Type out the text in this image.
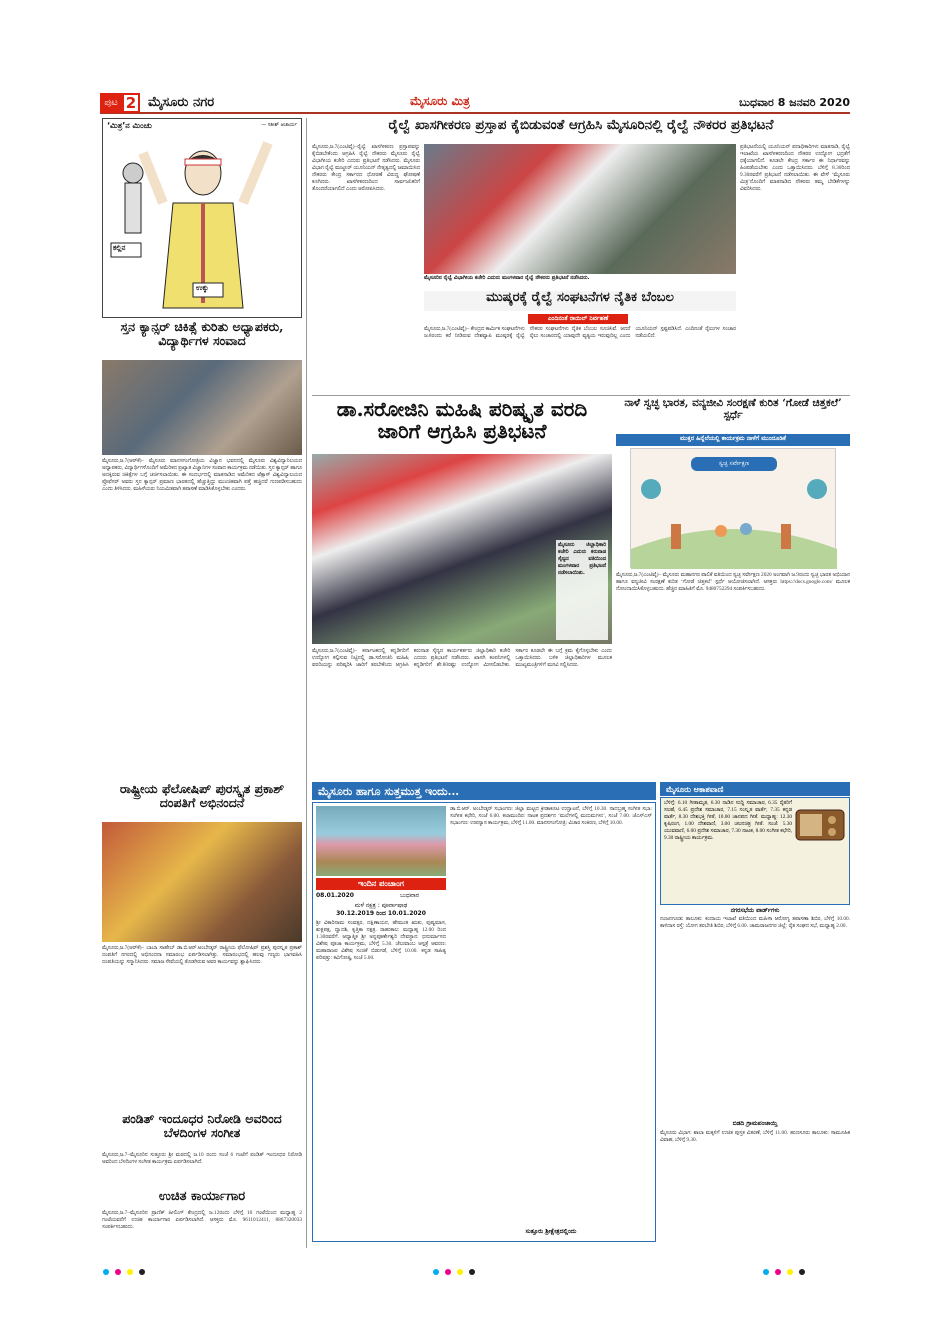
ಪುಟ 2 ಮೈಸೂರು ನಗರ	ಮೈಸೂರು ಮಿತ್ರ	ಬುಧವಾರ 8 ಜನವರಿ 2020
‘ಮಿತ್ರ’ನ ಮಿಂಚು	— ಸತೀಶ್ ಆಚಾರ್ಯ
ಕಲ್ಲಿನ
ಉಕ್ಕು
ಸ್ತನ ಕ್ಯಾನ್ಸರ್ ಚಿಕಿತ್ಸೆ ಕುರಿತು ಅಧ್ಯಾಪಕರು, ವಿದ್ಯಾರ್ಥಿಗಳ ಸಂವಾದ
ಮೈಸೂರು,ಜ.7(ಆರ್‌ಕೆ)– ಮೈಸೂರು ಮಾನಸಗಂಗೋತ್ರಿಯ ವಿಜ್ಞಾನ ಭವನದಲ್ಲಿ ಮೈಸೂರು ವಿಶ್ವವಿದ್ಯಾನಿಲಯದ ಅಧ್ಯಾಪಕರು, ವಿದ್ಯಾರ್ಥಿಗಳೊಂದಿಗೆ ಅಮೆರಿಕದ ಪ್ರಖ್ಯಾತ ವಿಜ್ಞಾನಿಗಳ ಸಂವಾದ ಕಾರ್ಯಕ್ರಮ ನಡೆಯಿತು. ಸ್ತನ ಕ್ಯಾನ್ಸರ್ ಹಾಗೂ ಅದಕ್ಕಿರುವ ಚಿಕಿತ್ಸೆಗಳ ಬಗ್ಗೆ ಚರ್ಚಿಸಲಾಯಿತು. ಈ ಸಂದರ್ಭದಲ್ಲಿ ಮಾತನಾಡಿದ ಅಮೆರಿಕದ ಟೆಕ್ಸಾಸ್ ವಿಶ್ವವಿದ್ಯಾಲಯದ ಪ್ರೊಫೆಸರ್ ಅವರು ಸ್ತನ ಕ್ಯಾನ್ಸರ್ ಪ್ರಮಾಣ ಭಾರತದಲ್ಲಿ ಹೆಚ್ಚುತ್ತಿದ್ದು ಮುಂಚಿತವಾಗಿ ಪತ್ತೆ ಹಚ್ಚಿದರೆ ಗುಣಪಡಿಸಬಹುದು ಎಂದು ತಿಳಿಸಿದರು. ಮಹಿಳೆಯರು ನಿಯಮಿತವಾಗಿ ತಪಾಸಣೆ ಮಾಡಿಸಿಕೊಳ್ಳಬೇಕು ಎಂದರು.
ರಾಷ್ಟ್ರೀಯ ಫೆಲೋಷಿಪ್ ಪುರಸ್ಕೃತ ಪ್ರಕಾಶ್ ದಂಪತಿಗೆ ಅಭಿನಂದನೆ
ಮೈಸೂರು,ಜ.7(ಆರ್‌ಕೆ)– ಬಾಬಾ ಸಾಹೇಬ್ ಡಾ.ಬಿ.ಆರ್.ಅಂಬೇಡ್ಕರ್ ರಾಷ್ಟ್ರೀಯ ಫೆಲೋಷಿಪ್ ಪ್ರಶಸ್ತಿ ಪುರಸ್ಕೃತ ಪ್ರಕಾಶ್ ದಂಪತಿಗೆ ನಗರದಲ್ಲಿ ಅಭಿನಂದನಾ ಸಮಾರಂಭ ಏರ್ಪಡಿಸಲಾಗಿತ್ತು. ಸಮಾರಂಭದಲ್ಲಿ ಹಲವು ಗಣ್ಯರು ಭಾಗವಹಿಸಿ ದಂಪತಿಯನ್ನು ಸನ್ಮಾನಿಸಿದರು. ಸಮಾಜ ಸೇವೆಯಲ್ಲಿ ತೊಡಗಿರುವ ಅವರ ಕಾರ್ಯವನ್ನು ಶ್ಲಾಘಿಸಿದರು.
ಪಂಡಿತ್ ಇಂದೂಧರ ನಿರೋಡಿ ಅವರಿಂದ ಬೆಳದಿಂಗಳ ಸಂಗೀತ
ಮೈಸೂರು,ಜ.7–ಮೈಸೂರಿನ ಸುತ್ತೂರು ಶ್ರೀ ಮಠದಲ್ಲಿ ಜ.10 ರಂದು ಸಂಜೆ 6 ಗಂಟೆಗೆ ಪಂಡಿತ್ ಇಂದೂಧರ ನಿರೋಡಿ ಅವರಿಂದ ಬೆಳದಿಂಗಳ ಸಂಗೀತ ಕಾರ್ಯಕ್ರಮ ಏರ್ಪಡಿಸಲಾಗಿದೆ.
ಉಚಿತ ಕಾರ್ಯಾಗಾರ
ಮೈಸೂರು,ಜ.7–ಮೈಸೂರಿನ ಪ್ರಾಣಿಕ್ ಹೀಲಿಂಗ್ ಕೇಂದ್ರದಲ್ಲಿ ಜ.12ರಂದು ಬೆಳಿಗ್ಗೆ 10 ಗಂಟೆಯಿಂದ ಮಧ್ಯಾಹ್ನ 2 ಗಂಟೆಯವರೆಗೆ ಉಚಿತ ಕಾರ್ಯಾಗಾರ ಏರ್ಪಡಿಸಲಾಗಿದೆ. ಆಸಕ್ತರು ಮೊ. 9611012411, 8867320033 ಸಂಪರ್ಕಿಸಬಹುದು.
ರೈಲ್ವೆ ಖಾಸಗೀಕರಣ ಪ್ರಸ್ತಾಪ ಕೈಬಿಡುವಂತೆ ಆಗ್ರಹಿಸಿ ಮೈಸೂರಿನಲ್ಲಿ ರೈಲ್ವೆ ನೌಕರರ ಪ್ರತಿಭಟನೆ
ಮೈಸೂರು,ಜ.7(ಎಂಟಿವೈ)–ರೈಲ್ವೆ ಖಾಸಗೀಕರಣ ಪ್ರಸ್ತಾಪವನ್ನು ಕೈಬಿಡಬೇಕೆಂದು ಆಗ್ರಹಿಸಿ ರೈಲ್ವೆ ನೌಕರರು ಮೈಸೂರು ರೈಲ್ವೆ ವಿಭಾಗೀಯ ಕಚೇರಿ ಎದುರು ಪ್ರತಿಭಟನೆ ನಡೆಸಿದರು. ಮೈಸೂರು ವಿಭಾಗ ರೈಲ್ವೆ ಮಜ್ದೂರ್ ಯೂನಿಯನ್ ನೇತೃತ್ವದಲ್ಲಿ ಜಮಾಯಿಸಿದ ನೌಕರರು ಕೇಂದ್ರ ಸರ್ಕಾರದ ಧೋರಣೆ ವಿರುದ್ಧ ಘೋಷಣೆ ಕೂಗಿದರು. ಖಾಸಗೀಕರಣದಿಂದ ಸಾರ್ವಜನಿಕರಿಗೆ ತೊಂದರೆಯಾಗಲಿದೆ ಎಂದು ಆರೋಪಿಸಿದರು.
ಮೈಸೂರಿನ ರೈಲ್ವೆ ವಿಭಾಗೀಯ ಕಚೇರಿ ಎದುರು ಮಂಗಳವಾರ ರೈಲ್ವೆ ನೌಕರರು ಪ್ರತಿಭಟನೆ ನಡೆಸಿದರು.
ಪ್ರತಿಭಟನೆಯಲ್ಲಿ ಯೂನಿಯನ್ ಪದಾಧಿಕಾರಿಗಳು ಮಾತನಾಡಿ, ರೈಲ್ವೆ ಇಲಾಖೆಯ ಖಾಸಗೀಕರಣದಿಂದ ನೌಕರರ ಉದ್ಯೋಗ ಭದ್ರತೆಗೆ ಧಕ್ಕೆಯಾಗಲಿದೆ. ಕೂಡಲೇ ಕೇಂದ್ರ ಸರ್ಕಾರ ಈ ನಿರ್ಧಾರವನ್ನು ಹಿಂಪಡೆಯಬೇಕು ಎಂದು ಒತ್ತಾಯಿಸಿದರು. ಬೆಳಿಗ್ಗೆ 8.30ರಿಂದ 9.30ರವರೆಗೆ ಪ್ರತಿಭಟನೆ ನಡೆಸಲಾಯಿತು. ಈ ವೇಳೆ ‘ಮೈಸೂರು ಮಿತ್ರ’ನೊಂದಿಗೆ ಮಾತನಾಡಿದ ನೌಕರರು ತಮ್ಮ ಬೇಡಿಕೆಗಳನ್ನು ವಿವರಿಸಿದರು.
ಮುಷ್ಕರಕ್ಕೆ ರೈಲ್ವೆ ಸಂಘಟನೆಗಳ ನೈತಿಕ ಬೆಂಬಲ
ಎಂದಿನಂತೆ ರಾಯಿಲ್ ನಿರ್ವಹಣೆ
ಮೈಸೂರು,ಜ.7(ಎಂಟಿವೈ)– ಕೇಂದ್ರದ ಕಾರ್ಮಿಕ ಸಂಘಟನೆಗಳು ಜ.8ರಂದು ಕರೆ ನೀಡಿರುವ ದೇಶವ್ಯಾಪಿ ಮುಷ್ಕರಕ್ಕೆ ರೈಲ್ವೆ ನೌಕರರ ಸಂಘಟನೆಗಳು ನೈತಿಕ ಬೆಂಬಲ ಸೂಚಿಸಿವೆ. ಆದರೆ ರೈಲು ಸಂಚಾರದಲ್ಲಿ ಯಾವುದೇ ವ್ಯತ್ಯಯ ಇರುವುದಿಲ್ಲ ಎಂದು ಯೂನಿಯನ್ ಸ್ಪಷ್ಟಪಡಿಸಿದೆ. ಎಂದಿನಂತೆ ರೈಲುಗಳ ಸಂಚಾರ ನಡೆಯಲಿದೆ.
ಡಾ.ಸರೋಜಿನಿ ಮಹಿಷಿ ಪರಿಷ್ಕೃತ ವರದಿ ಜಾರಿಗೆ ಆಗ್ರಹಿಸಿ ಪ್ರತಿಭಟನೆ
ಮೈಸೂರು ಜಿಲ್ಲಾಧಿಕಾರಿ ಕಚೇರಿ ಎದುರು ಕರುನಾಡ ಸೈನ್ಯದ ವತಿಯಿಂದ ಮಂಗಳವಾರ ಪ್ರತಿಭಟನೆ ನಡೆಸಲಾಯಿತು.
ಮೈಸೂರು,ಜ.7(ಎಂಟಿವೈ)– ಕರ್ನಾಟಕದಲ್ಲಿ ಕನ್ನಡಿಗರಿಗೆ ಉದ್ಯೋಗ ಕಲ್ಪಿಸುವ ನಿಟ್ಟಿನಲ್ಲಿ ಡಾ.ಸರೋಜಿನಿ ಮಹಿಷಿ ವರದಿಯನ್ನು ಪರಿಷ್ಕರಿಸಿ ಜಾರಿಗೆ ತರಬೇಕೆಂದು ಆಗ್ರಹಿಸಿ ಕರುನಾಡ ಸೈನ್ಯದ ಕಾರ್ಯಕರ್ತರು ಜಿಲ್ಲಾಧಿಕಾರಿ ಕಚೇರಿ ಎದುರು ಪ್ರತಿಭಟನೆ ನಡೆಸಿದರು. ಖಾಸಗಿ ಕಂಪನಿಗಳಲ್ಲಿ ಕನ್ನಡಿಗರಿಗೆ ಶೇ.80ರಷ್ಟು ಉದ್ಯೋಗ ಮೀಸಲಿಡಬೇಕು. ಸರ್ಕಾರ ಕೂಡಲೇ ಈ ಬಗ್ಗೆ ಕ್ರಮ ಕೈಗೊಳ್ಳಬೇಕು ಎಂದು ಒತ್ತಾಯಿಸಿದರು. ಬಳಿಕ ಜಿಲ್ಲಾಧಿಕಾರಿಗಳ ಮೂಲಕ ಮುಖ್ಯಮಂತ್ರಿಗಳಿಗೆ ಮನವಿ ಸಲ್ಲಿಸಿದರು.
ನಾಳೆ ಸ್ವಚ್ಛ ಭಾರತ, ವನ್ಯಜೀವಿ ಸಂರಕ್ಷಣೆ ಕುರಿತ ‘ಗೋಡೆ ಚಿತ್ತಕಲೆ’ ಸ್ಪರ್ಧೆ
ಮುಕ್ತರ ಹಿನ್ನೆಲೆಯಲ್ಲಿ ಕಾರ್ಯಕ್ರಮ ನಾಳೆಗೆ ಮುಂದೂಡಿಕೆ
ಸ್ವಚ್ಛ ಸರ್ವೇಕ್ಷಣ
ಮೈಸೂರು,ಜ.7(ಎಂಟಿವೈ)– ಮೈಸೂರು ಮಹಾನಗರ ಪಾಲಿಕೆ ವತಿಯಿಂದ ಸ್ವಚ್ಛ ಸರ್ವೇಕ್ಷಣ 2020 ಅಂಗವಾಗಿ ಜ.9ರಂದು ಸ್ವಚ್ಛ ಭಾರತ ಅಭಿಯಾನ ಹಾಗೂ ವನ್ಯಜೀವಿ ಸಂರಕ್ಷಣೆ ಕುರಿತ ‘ಗೋಡೆ ಚಿತ್ತಕಲೆ’ ಸ್ಪರ್ಧೆ ಆಯೋಜಿಸಲಾಗಿದೆ. ಆಸಕ್ತರು https://docs.google.com/ ಮೂಲಕ ನೋಂದಾಯಿಸಿಕೊಳ್ಳಬಹುದು. ಹೆಚ್ಚಿನ ಮಾಹಿತಿಗೆ ಮೊ. 9480752294 ಸಂಪರ್ಕಿಸಬಹುದು.
ಮೈಸೂರು ಹಾಗೂ ಸುತ್ತಮುತ್ತ ಇಂದು...
ಇಂದಿನ ಪಂಚಾಂಗ
08.01.2020	ಬುಧವಾರ
ಮಳೆ ನಕ್ಷತ್ರ : ಪೂರ್ವಾಷಾಢ
30.12.2019 ರಿಂದ 10.01.2020
ಶ್ರೀ ವಿಕಾರಿನಾಮ ಸಂವತ್ಸರ, ದಕ್ಷಿಣಾಯನ, ಹೇಮಂತ ಋತು, ಪುಷ್ಯಮಾಸ, ಶುಕ್ಲಪಕ್ಷ, ದ್ವಾದಶಿ, ಕೃತ್ತಿಕಾ ನಕ್ಷತ್ರ. ರಾಹುಕಾಲ: ಮಧ್ಯಾಹ್ನ 12.00 ರಿಂದ 1.30ರವರೆಗೆ. ಆಧ್ಯಾತ್ಮಿಕ ಶ್ರೀ ಅನ್ನಪೂರ್ಣೇಶ್ವರಿ ದೇವಸ್ಥಾನ: ಧನುರ್ಮಾಸದ ವಿಶೇಷ ಪೂಜಾ ಕಾರ್ಯಕ್ರಮ, ಬೆಳಿಗ್ಗೆ 5.30. ಚೆಲುವಾಂಬ ಆಸ್ಪತ್ರೆ ಆವರಣ: ಮಹಾರಾಜರ ವಿಶೇಷ ಸಂಚಿಕೆ ಬಿಡುಗಡೆ, ಬೆಳಿಗ್ಗೆ 10.00. ಕನ್ನಡ ಸಾಹಿತ್ಯ ಪರಿಷತ್ತು: ಕವಿಗೋಷ್ಠಿ, ಸಂಜೆ 5.00.
ಡಾ.ಬಿ.ಆರ್. ಅಂಬೇಡ್ಕರ್ ಸಭಾಂಗಣ: ಜಿಲ್ಲಾ ಮಟ್ಟದ ಕ್ರೀಡಾಕೂಟ ಉದ್ಘಾಟನೆ, ಬೆಳಿಗ್ಗೆ 10.30. ನಾದಬ್ರಹ್ಮ ಸಂಗೀತ ಸಭಾ: ಸಂಗೀತ ಕಛೇರಿ, ಸಂಜೆ 6.00. ಕಲಾಮಂದಿರ: ನಾಟಕ ಪ್ರದರ್ಶನ ‘ಮಲೆಗಳಲ್ಲಿ ಮದುಮಗಳು’, ಸಂಜೆ 7.00. ಜೆಎಸ್‌ಎಸ್ ಸಭಾಂಗಣ: ಉಪನ್ಯಾಸ ಕಾರ್ಯಕ್ರಮ, ಬೆಳಿಗ್ಗೆ 11.00. ಮಾನಸಗಂಗೋತ್ರಿ: ವಿಚಾರ ಸಂಕಿರಣ, ಬೆಳಿಗ್ಗೆ 10.00.
ಸುತ್ತೂರು ಶ್ರೀಕ್ಷೇತ್ರದಲ್ಲಿಂದು
ಮೈಸೂರು ಆಕಾಶವಾಣಿ
ಬೆಳಿಗ್ಗೆ: 6.10 ಗೀತಾಮೃತ, 6.30 ನಾಡಿನ ಸುದ್ದಿ ಸಮಾಚಾರ, 6.35 ರೈತರಿಗೆ ಸಲಹೆ, 6.45 ಪ್ರದೇಶ ಸಮಾಚಾರ, 7.15 ಸಂಸ್ಕೃತ ವಾರ್ತೆ, 7.35 ಕನ್ನಡ ವಾರ್ತೆ, 8.30 ದೇಶಭಕ್ತಿ ಗೀತೆ, 10.00 ಜಾನಪದ ಗೀತೆ. ಮಧ್ಯಾಹ್ನ: 12.30 ಕೃಷಿರಂಗ, 1.00 ದೇಶವಾಣಿ, 3.00 ಚಲನಚಿತ್ರ ಗೀತೆ. ಸಂಜೆ: 5.30 ಯುವವಾಣಿ, 6.00 ಪ್ರದೇಶ ಸಮಾಚಾರ, 7.30 ನಾಟಕ, 8.00 ಸಂಗೀತ ಕಛೇರಿ, 9.30 ರಾಷ್ಟ್ರೀಯ ಕಾರ್ಯಕ್ರಮ.
ನಗರಸಭೆಯ ವಾರ್ಡ್‌ಗಳು
ನಂಜನಗೂಡು ತಾಲೂಕು: ಕಂದಾಯ ಇಲಾಖೆ ವತಿಯಿಂದ ಮಹಿಳಾ ಆರೋಗ್ಯ ತಪಾಸಣಾ ಶಿಬಿರ, ಬೆಳಿಗ್ಗೆ 10.00. ಕಾಳಿದಾಸ ರಸ್ತೆ: ಯೋಗ ತರಬೇತಿ ಶಿಬಿರ, ಬೆಳಿಗ್ಗೆ 6.00. ಚಾಮರಾಜನಗರ ಜಿಲ್ಲೆ: ರೈತ ಸಂಘದ ಸಭೆ, ಮಧ್ಯಾಹ್ನ 2.00.
ಬಿಡದಿ ಗ್ರಾಮಪಂಚಾಯ್ತಿ
ಮೈಸೂರು ವಿಭಾಗ: ಶಾಲಾ ಮಕ್ಕಳಿಗೆ ಉಚಿತ ಪುಸ್ತಕ ವಿತರಣೆ, ಬೆಳಿಗ್ಗೆ 11.00. ಹುಣಸೂರು ತಾಲೂಕು: ಸಾಮೂಹಿಕ ವಿವಾಹ, ಬೆಳಿಗ್ಗೆ 9.30.
